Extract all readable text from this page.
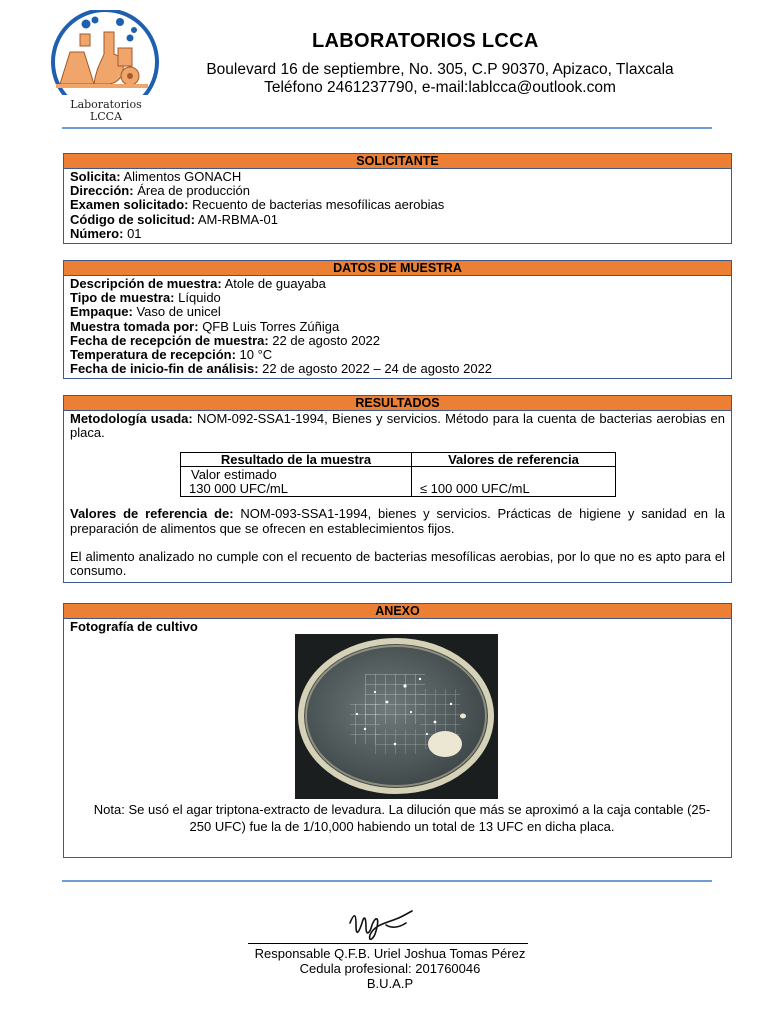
Laboratorios
LCCA
LABORATORIOS LCCA
Boulevard 16 de septiembre, No. 305, C.P 90370, Apizaco, Tlaxcala
Teléfono 2461237790, e-mail:lablcca@outlook.com
SOLICITANTE
Solicita: Alimentos GONACH
Dirección: Área de producción
Examen solicitado: Recuento de bacterias mesofílicas aerobias
Código de solicitud: AM-RBMA-01
Número: 01
DATOS DE MUESTRA
Descripción de muestra: Atole de guayaba
Tipo de muestra: Líquido
Empaque: Vaso de unicel
Muestra tomada por: QFB Luis Torres Zúñiga
Fecha de recepción de muestra: 22 de agosto 2022
Temperatura de recepción: 10 °C
Fecha de inicio-fin de análisis: 22 de agosto 2022 – 24 de agosto 2022
RESULTADOS
Metodología usada: NOM-092-SSA1-1994, Bienes y servicios. Método para la cuenta de bacterias aerobias en placa.
Resultado de la muestra	Valores de referencia

Valor estimado
130 000 UFC/mL	≤ 100 000 UFC/mL
Valores de referencia de: NOM-093-SSA1-1994, bienes y servicios. Prácticas de higiene y sanidad en la preparación de alimentos que se ofrecen en establecimientos fijos.
El alimento analizado no cumple con el recuento de bacterias mesofílicas aerobias, por lo que no es apto para el consumo.
ANEXO
Fotografía de cultivo
Nota: Se usó el agar triptona-extracto de levadura. La dilución que más se aproximó a la caja contable (25-250 UFC) fue la de 1/10,000 habiendo un total de 13 UFC en dicha placa.
Responsable Q.F.B. Uriel Joshua Tomas Pérez
Cedula profesional: 201760046
B.U.A.P
